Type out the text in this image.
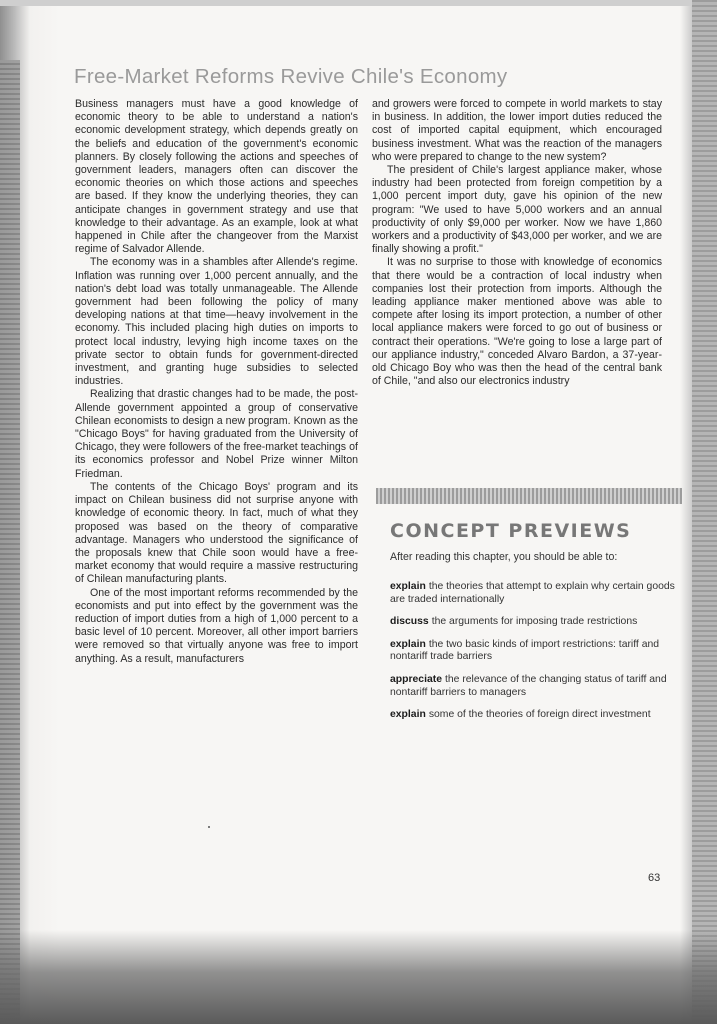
Free-Market Reforms Revive Chile's Economy

Business managers must have a good knowledge of economic theory to be able to understand a nation's economic development strategy, which depends greatly on the beliefs and education of the government's economic planners. By closely following the actions and speeches of government leaders, managers often can discover the economic theories on which those actions and speeches are based. If they know the underlying theories, they can anticipate changes in government strategy and use that knowledge to their advantage. As an example, look at what happened in Chile after the changeover from the Marxist regime of Salvador Allende.

The economy was in a shambles after Allende's regime. Inflation was running over 1,000 percent annually, and the nation's debt load was totally unmanageable. The Allende government had been following the policy of many developing nations at that time—heavy involvement in the economy. This included placing high duties on imports to protect local industry, levying high income taxes on the private sector to obtain funds for government-directed investment, and granting huge subsidies to selected industries.

Realizing that drastic changes had to be made, the post-Allende government appointed a group of conservative Chilean economists to design a new program. Known as the "Chicago Boys" for having graduated from the University of Chicago, they were followers of the free-market teachings of its economics professor and Nobel Prize winner Milton Friedman.

The contents of the Chicago Boys' program and its impact on Chilean business did not surprise anyone with knowledge of economic theory. In fact, much of what they proposed was based on the theory of comparative advantage. Managers who understood the significance of the proposals knew that Chile soon would have a free-market economy that would require a massive restructuring of Chilean manufacturing plants.

One of the most important reforms recommended by the economists and put into effect by the government was the reduction of import duties from a high of 1,000 percent to a basic level of 10 percent. Moreover, all other import barriers were removed so that virtually anyone was free to import anything. As a result, manufacturers

and growers were forced to compete in world markets to stay in business. In addition, the lower import duties reduced the cost of imported capital equipment, which encouraged business investment. What was the reaction of the managers who were prepared to change to the new system?

The president of Chile's largest appliance maker, whose industry had been protected from foreign competition by a 1,000 percent import duty, gave his opinion of the new program: "We used to have 5,000 workers and an annual productivity of only $9,000 per worker. Now we have 1,860 workers and a productivity of $43,000 per worker, and we are finally showing a profit."

It was no surprise to those with knowledge of economics that there would be a contraction of local industry when companies lost their protection from imports. Although the leading appliance maker mentioned above was able to compete after losing its import protection, a number of other local appliance makers were forced to go out of business or contract their operations. "We're going to lose a large part of our appliance industry," conceded Alvaro Bardon, a 37-year-old Chicago Boy who was then the head of the central bank of Chile, "and also our electronics industry

CONCEPT PREVIEWS
After reading this chapter, you should be able to:
explain the theories that attempt to explain why certain goods are traded internationally
discuss the arguments for imposing trade restrictions
explain the two basic kinds of import restrictions: tariff and nontariff trade barriers
appreciate the relevance of the changing status of tariff and nontariff barriers to managers
explain some of the theories of foreign direct investment
63
